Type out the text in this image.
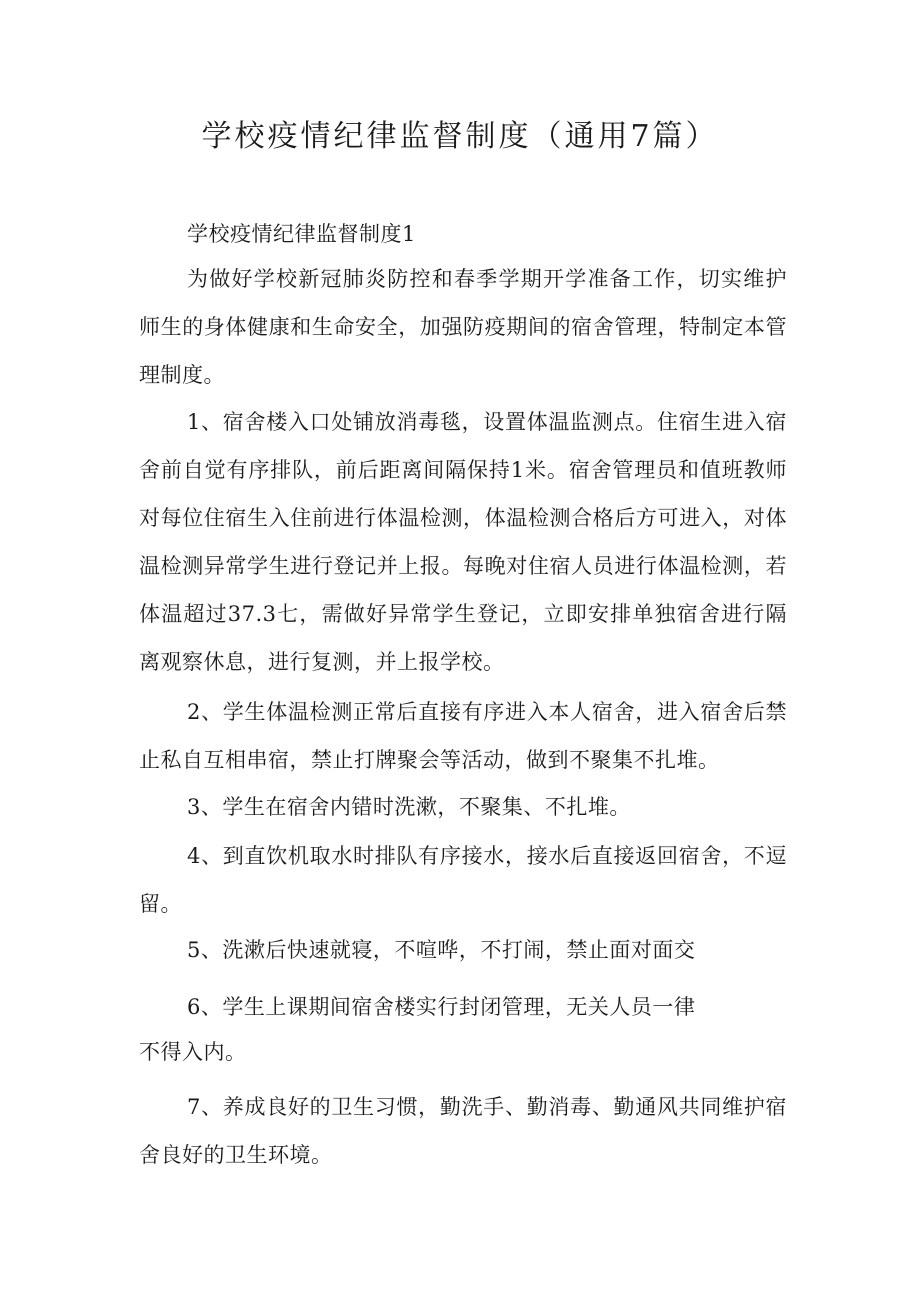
学校疫情纪律监督制度（通用7篇）

学校疫情纪律监督制度1

为做好学校新冠肺炎防控和春季学期开学准备工作，切实维护师生的身体健康和生命安全，加强防疫期间的宿舍管理，特制定本管理制度。

1、宿舍楼入口处铺放消毒毯，设置体温监测点。住宿生进入宿舍前自觉有序排队，前后距离间隔保持1米。宿舍管理员和值班教师对每位住宿生入住前进行体温检测，体温检测合格后方可进入，对体温检测异常学生进行登记并上报。每晚对住宿人员进行体温检测，若体温超过37.3七，需做好异常学生登记，立即安排单独宿舍进行隔离观察休息，进行复测，并上报学校。

2、学生体温检测正常后直接有序进入本人宿舍，进入宿舍后禁止私自互相串宿，禁止打牌聚会等活动，做到不聚集不扎堆。

3、学生在宿舍内错时洗漱，不聚集、不扎堆。

4、到直饮机取水时排队有序接水，接水后直接返回宿舍，不逗留。

5、洗漱后快速就寝，不喧哗，不打闹，禁止面对面交

6、学生上课期间宿舍楼实行封闭管理，无关人员一律

不得入内。

7、养成良好的卫生习惯，勤洗手、勤消毒、勤通风共同维护宿舍良好的卫生环境。
